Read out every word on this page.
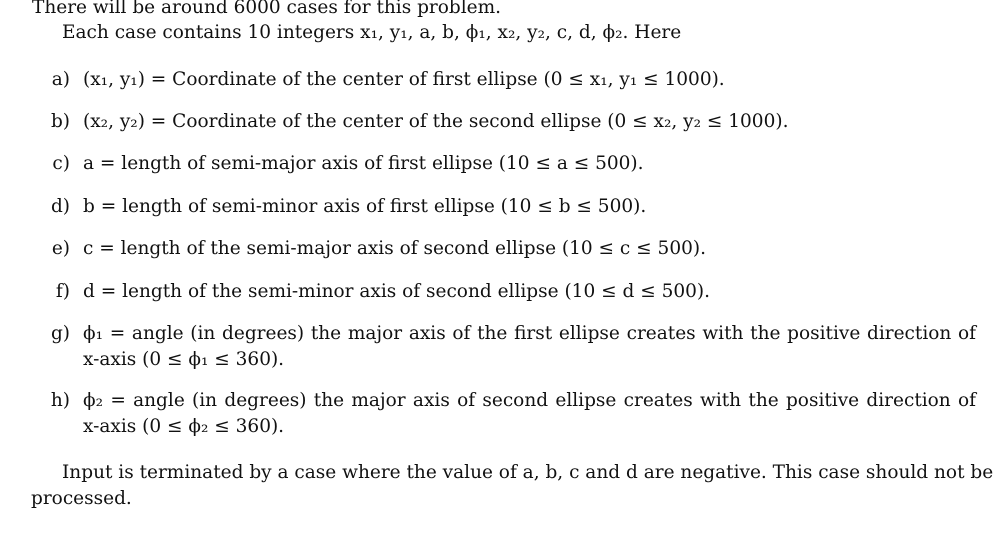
There will be around 6000 cases for this problem.
Each case contains 10 integers x₁, y₁, a, b, ϕ₁, x₂, y₂, c, d, ϕ₂. Here
a) (x₁, y₁) = Coordinate of the center of first ellipse (0 ≤ x₁, y₁ ≤ 1000).
b) (x₂, y₂) = Coordinate of the center of the second ellipse (0 ≤ x₂, y₂ ≤ 1000).
c) a = length of semi-major axis of first ellipse (10 ≤ a ≤ 500).
d) b = length of semi-minor axis of first ellipse (10 ≤ b ≤ 500).
e) c = length of the semi-major axis of second ellipse (10 ≤ c ≤ 500).
f) d = length of the semi-minor axis of second ellipse (10 ≤ d ≤ 500).
g) ϕ₁ = angle (in degrees) the major axis of the first ellipse creates with the positive direction of
x-axis (0 ≤ ϕ₁ ≤ 360).
h) ϕ₂ = angle (in degrees) the major axis of second ellipse creates with the positive direction of
x-axis (0 ≤ ϕ₂ ≤ 360).
Input is terminated by a case where the value of a, b, c and d are negative. This case should not be
processed.
